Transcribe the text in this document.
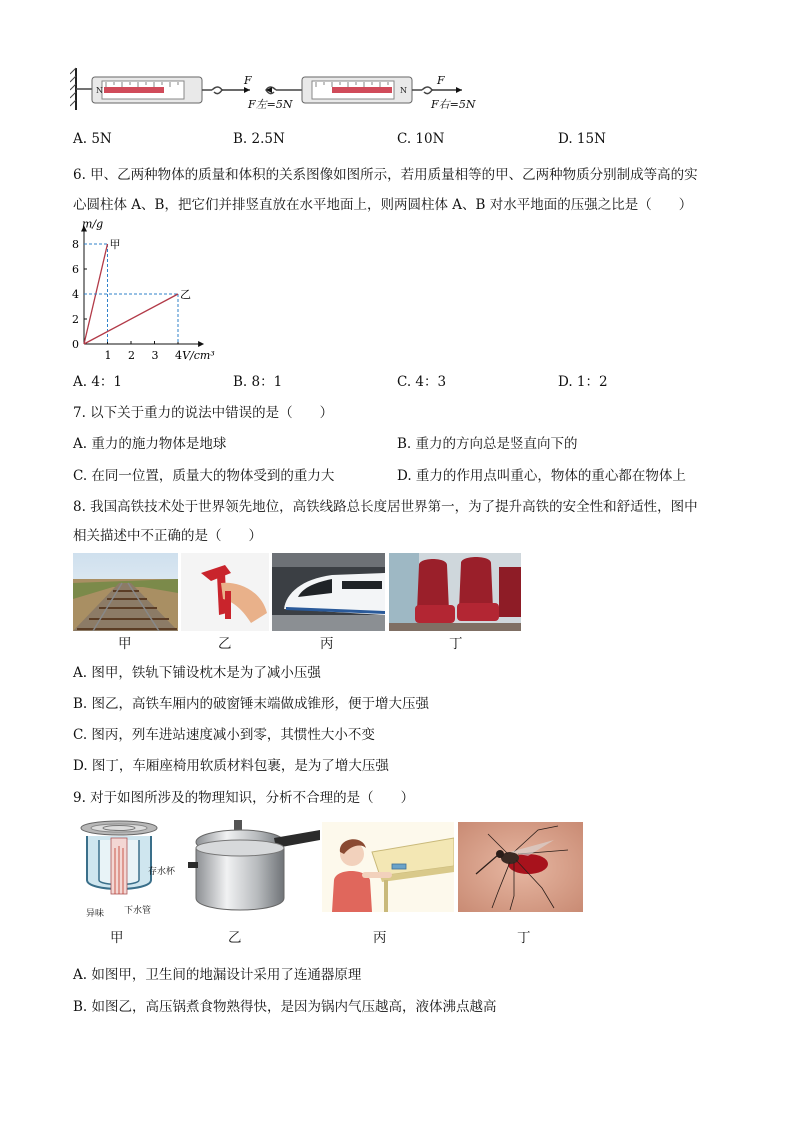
N	N
F
F左=5N
F
F右=5N
A. 5N	B. 2.5N	C. 10N	D. 15N
6. 甲、乙两种物体的质量和体积的关系图像如图所示，若用质量相等的甲、乙两种物质分别制成等高的实
心圆柱体 A、B，把它们并排竖直放在水平地面上，则两圆柱体 A、B 对水平地面的压强之比是（　　）
m/g
V/cm³
1 2 3 4
0
2
4
6
8	甲
乙
A. 4：1	B. 8：1	C. 4：3	D. 1：2
7. 以下关于重力的说法中错误的是（　　）
A. 重力的施力物体是地球	B. 重力的方向总是竖直向下的
C. 在同一位置，质量大的物体受到的重力大	D. 重力的作用点叫重心，物体的重心都在物体上
8. 我国高铁技术处于世界领先地位，高铁线路总长度居世界第一，为了提升高铁的安全性和舒适性，图中
相关描述中不正确的是（　　）
甲	乙	丙	丁
A. 图甲，铁轨下铺设枕木是为了减小压强
B. 图乙，高铁车厢内的破窗锤末端做成锥形，便于增大压强
C. 图丙，列车进站速度减小到零，其惯性大小不变
D. 图丁，车厢座椅用软质材料包裹，是为了增大压强
9. 对于如图所涉及的物理知识，分析不合理的是（　　）
存水杯
异味 下水管
甲	乙	丙	丁
A. 如图甲，卫生间的地漏设计采用了连通器原理
B. 如图乙，高压锅煮食物熟得快，是因为锅内气压越高，液体沸点越高
